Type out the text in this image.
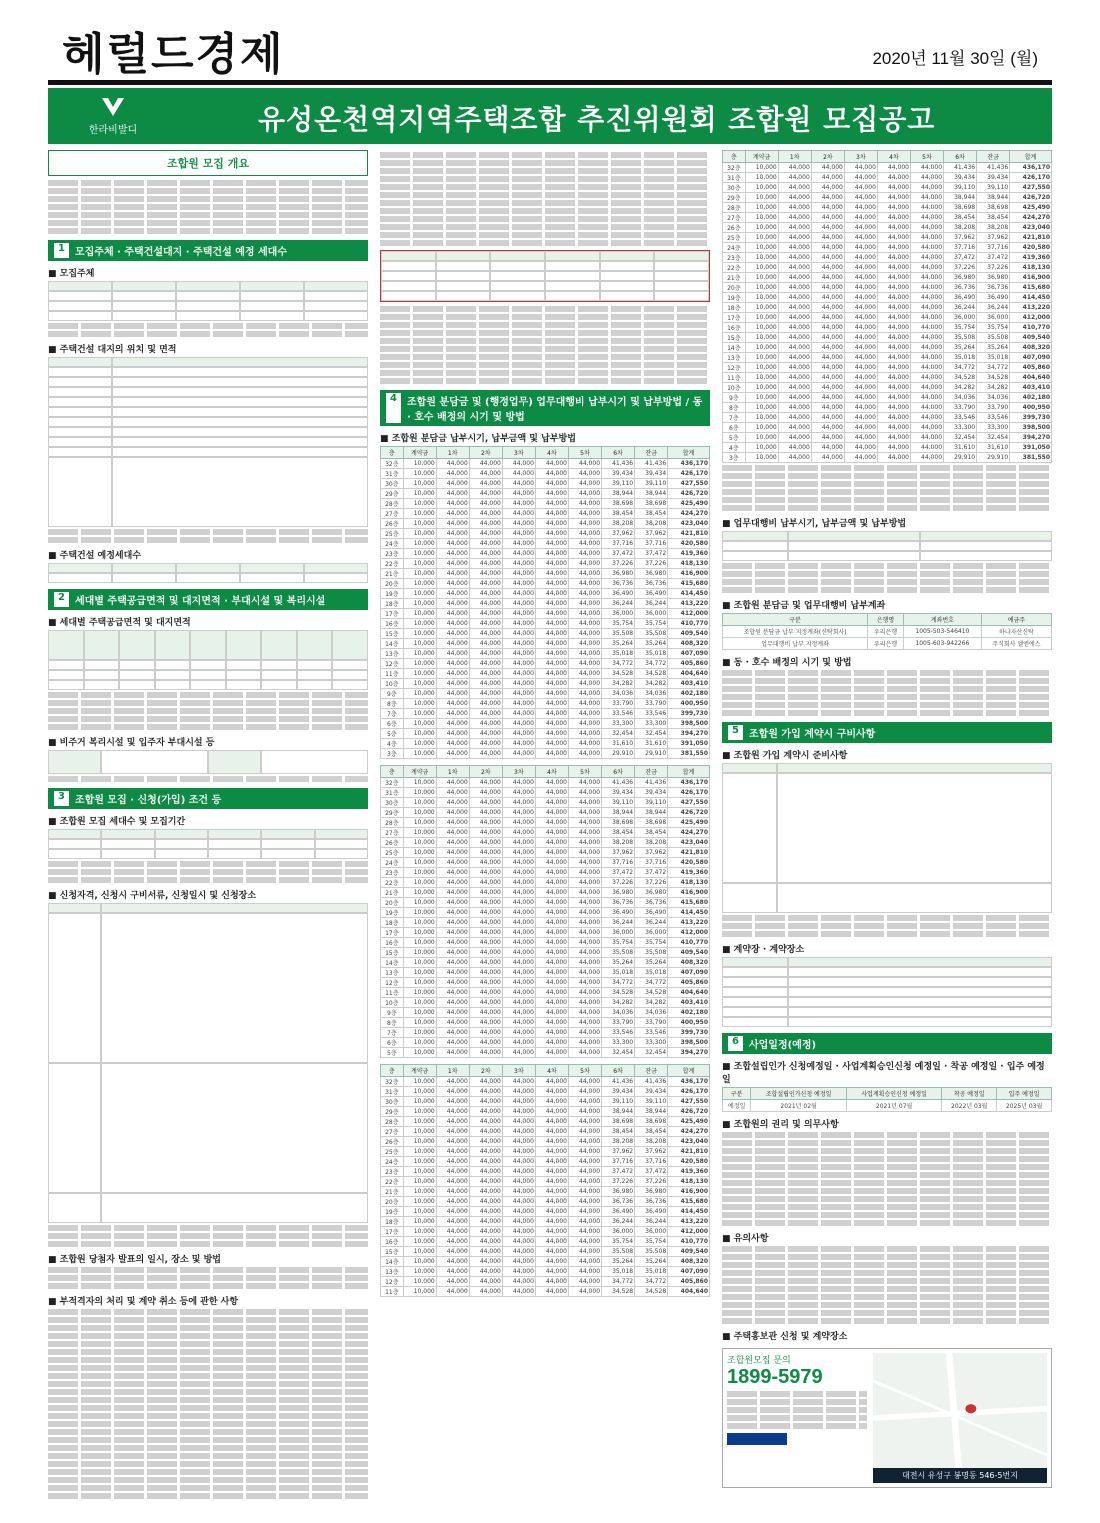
헤럴드경제	2020년 11월 30일 (월)
한라비발디	유성온천역지역주택조합 추진위원회 조합원 모집공고
조합원 모집 개요
1	모집주체 · 주택건설대지 · 주택건설 예정 세대수
■ 모집주체
■ 주택건설 대지의 위치 및 면적
■ 주택건설 예정세대수
2	세대별 주택공급면적 및 대지면적 · 부대시설 및 복리시설
■ 세대별 주택공급면적 및 대지면적
■ 비주거 복리시설 및 입주자 부대시설 등
3	조합원 모집 · 신청(가입) 조건 등
■ 조합원 모집 세대수 및 모집기간
■ 신청자격, 신청시 구비서류, 신청일시 및 신청장소
■ 조합원 당첨자 발표의 일시, 장소 및 방법
■ 부적격자의 처리 및 계약 취소 등에 관한 사항
4	조합원 분담금 및 (행정업무) 업무대행비 납부시기 및 납부방법 / 동 · 호수 배정의 시기 및 방법
■ 조합원 분담금 납부시기, 납부금액 및 납부방법
층	계약금	1차	2차	3차	4차	5차	6차	잔금	합계
32층	10,000	44,000	44,000	44,000	44,000	44,000	41,436	41,436	436,170
31층	10,000	44,000	44,000	44,000	44,000	44,000	39,434	39,434	426,170
30층	10,000	44,000	44,000	44,000	44,000	44,000	39,110	39,110	427,550
29층	10,000	44,000	44,000	44,000	44,000	44,000	38,944	38,944	426,720
28층	10,000	44,000	44,000	44,000	44,000	44,000	38,698	38,698	425,490
27층	10,000	44,000	44,000	44,000	44,000	44,000	38,454	38,454	424,270
26층	10,000	44,000	44,000	44,000	44,000	44,000	38,208	38,208	423,040
25층	10,000	44,000	44,000	44,000	44,000	44,000	37,962	37,962	421,810
24층	10,000	44,000	44,000	44,000	44,000	44,000	37,716	37,716	420,580
23층	10,000	44,000	44,000	44,000	44,000	44,000	37,472	37,472	419,360
22층	10,000	44,000	44,000	44,000	44,000	44,000	37,226	37,226	418,130
21층	10,000	44,000	44,000	44,000	44,000	44,000	36,980	36,980	416,900
20층	10,000	44,000	44,000	44,000	44,000	44,000	36,736	36,736	415,680
19층	10,000	44,000	44,000	44,000	44,000	44,000	36,490	36,490	414,450
18층	10,000	44,000	44,000	44,000	44,000	44,000	36,244	36,244	413,220
17층	10,000	44,000	44,000	44,000	44,000	44,000	36,000	36,000	412,000
16층	10,000	44,000	44,000	44,000	44,000	44,000	35,754	35,754	410,770
15층	10,000	44,000	44,000	44,000	44,000	44,000	35,508	35,508	409,540
14층	10,000	44,000	44,000	44,000	44,000	44,000	35,264	35,264	408,320
13층	10,000	44,000	44,000	44,000	44,000	44,000	35,018	35,018	407,090
12층	10,000	44,000	44,000	44,000	44,000	44,000	34,772	34,772	405,860
11층	10,000	44,000	44,000	44,000	44,000	44,000	34,528	34,528	404,640
10층	10,000	44,000	44,000	44,000	44,000	44,000	34,282	34,282	403,410
9층	10,000	44,000	44,000	44,000	44,000	44,000	34,036	34,036	402,180
8층	10,000	44,000	44,000	44,000	44,000	44,000	33,790	33,790	400,950
7층	10,000	44,000	44,000	44,000	44,000	44,000	33,546	33,546	399,730
6층	10,000	44,000	44,000	44,000	44,000	44,000	33,300	33,300	398,500
5층	10,000	44,000	44,000	44,000	44,000	44,000	32,454	32,454	394,270
4층	10,000	44,000	44,000	44,000	44,000	44,000	31,610	31,610	391,050
3층	10,000	44,000	44,000	44,000	44,000	44,000	29,910	29,910	381,550
층	계약금	1차	2차	3차	4차	5차	6차	잔금	합계
32층	10,000	44,000	44,000	44,000	44,000	44,000	41,436	41,436	436,170
31층	10,000	44,000	44,000	44,000	44,000	44,000	39,434	39,434	426,170
30층	10,000	44,000	44,000	44,000	44,000	44,000	39,110	39,110	427,550
29층	10,000	44,000	44,000	44,000	44,000	44,000	38,944	38,944	426,720
28층	10,000	44,000	44,000	44,000	44,000	44,000	38,698	38,698	425,490
27층	10,000	44,000	44,000	44,000	44,000	44,000	38,454	38,454	424,270
26층	10,000	44,000	44,000	44,000	44,000	44,000	38,208	38,208	423,040
25층	10,000	44,000	44,000	44,000	44,000	44,000	37,962	37,962	421,810
24층	10,000	44,000	44,000	44,000	44,000	44,000	37,716	37,716	420,580
23층	10,000	44,000	44,000	44,000	44,000	44,000	37,472	37,472	419,360
22층	10,000	44,000	44,000	44,000	44,000	44,000	37,226	37,226	418,130
21층	10,000	44,000	44,000	44,000	44,000	44,000	36,980	36,980	416,900
20층	10,000	44,000	44,000	44,000	44,000	44,000	36,736	36,736	415,680
19층	10,000	44,000	44,000	44,000	44,000	44,000	36,490	36,490	414,450
18층	10,000	44,000	44,000	44,000	44,000	44,000	36,244	36,244	413,220
17층	10,000	44,000	44,000	44,000	44,000	44,000	36,000	36,000	412,000
16층	10,000	44,000	44,000	44,000	44,000	44,000	35,754	35,754	410,770
15층	10,000	44,000	44,000	44,000	44,000	44,000	35,508	35,508	409,540
14층	10,000	44,000	44,000	44,000	44,000	44,000	35,264	35,264	408,320
13층	10,000	44,000	44,000	44,000	44,000	44,000	35,018	35,018	407,090
12층	10,000	44,000	44,000	44,000	44,000	44,000	34,772	34,772	405,860
11층	10,000	44,000	44,000	44,000	44,000	44,000	34,528	34,528	404,640
10층	10,000	44,000	44,000	44,000	44,000	44,000	34,282	34,282	403,410
9층	10,000	44,000	44,000	44,000	44,000	44,000	34,036	34,036	402,180
8층	10,000	44,000	44,000	44,000	44,000	44,000	33,790	33,790	400,950
7층	10,000	44,000	44,000	44,000	44,000	44,000	33,546	33,546	399,730
6층	10,000	44,000	44,000	44,000	44,000	44,000	33,300	33,300	398,500
5층	10,000	44,000	44,000	44,000	44,000	44,000	32,454	32,454	394,270
층	계약금	1차	2차	3차	4차	5차	6차	잔금	합계
32층	10,000	44,000	44,000	44,000	44,000	44,000	41,436	41,436	436,170
31층	10,000	44,000	44,000	44,000	44,000	44,000	39,434	39,434	426,170
30층	10,000	44,000	44,000	44,000	44,000	44,000	39,110	39,110	427,550
29층	10,000	44,000	44,000	44,000	44,000	44,000	38,944	38,944	426,720
28층	10,000	44,000	44,000	44,000	44,000	44,000	38,698	38,698	425,490
27층	10,000	44,000	44,000	44,000	44,000	44,000	38,454	38,454	424,270
26층	10,000	44,000	44,000	44,000	44,000	44,000	38,208	38,208	423,040
25층	10,000	44,000	44,000	44,000	44,000	44,000	37,962	37,962	421,810
24층	10,000	44,000	44,000	44,000	44,000	44,000	37,716	37,716	420,580
23층	10,000	44,000	44,000	44,000	44,000	44,000	37,472	37,472	419,360
22층	10,000	44,000	44,000	44,000	44,000	44,000	37,226	37,226	418,130
21층	10,000	44,000	44,000	44,000	44,000	44,000	36,980	36,980	416,900
20층	10,000	44,000	44,000	44,000	44,000	44,000	36,736	36,736	415,680
19층	10,000	44,000	44,000	44,000	44,000	44,000	36,490	36,490	414,450
18층	10,000	44,000	44,000	44,000	44,000	44,000	36,244	36,244	413,220
17층	10,000	44,000	44,000	44,000	44,000	44,000	36,000	36,000	412,000
16층	10,000	44,000	44,000	44,000	44,000	44,000	35,754	35,754	410,770
15층	10,000	44,000	44,000	44,000	44,000	44,000	35,508	35,508	409,540
14층	10,000	44,000	44,000	44,000	44,000	44,000	35,264	35,264	408,320
13층	10,000	44,000	44,000	44,000	44,000	44,000	35,018	35,018	407,090
12층	10,000	44,000	44,000	44,000	44,000	44,000	34,772	34,772	405,860
11층	10,000	44,000	44,000	44,000	44,000	44,000	34,528	34,528	404,640
층	계약금	1차	2차	3차	4차	5차	6차	잔금	합계
32층	10,000	44,000	44,000	44,000	44,000	44,000	41,436	41,436	436,170
31층	10,000	44,000	44,000	44,000	44,000	44,000	39,434	39,434	426,170
30층	10,000	44,000	44,000	44,000	44,000	44,000	39,110	39,110	427,550
29층	10,000	44,000	44,000	44,000	44,000	44,000	38,944	38,944	426,720
28층	10,000	44,000	44,000	44,000	44,000	44,000	38,698	38,698	425,490
27층	10,000	44,000	44,000	44,000	44,000	44,000	38,454	38,454	424,270
26층	10,000	44,000	44,000	44,000	44,000	44,000	38,208	38,208	423,040
25층	10,000	44,000	44,000	44,000	44,000	44,000	37,962	37,962	421,810
24층	10,000	44,000	44,000	44,000	44,000	44,000	37,716	37,716	420,580
23층	10,000	44,000	44,000	44,000	44,000	44,000	37,472	37,472	419,360
22층	10,000	44,000	44,000	44,000	44,000	44,000	37,226	37,226	418,130
21층	10,000	44,000	44,000	44,000	44,000	44,000	36,980	36,980	416,900
20층	10,000	44,000	44,000	44,000	44,000	44,000	36,736	36,736	415,680
19층	10,000	44,000	44,000	44,000	44,000	44,000	36,490	36,490	414,450
18층	10,000	44,000	44,000	44,000	44,000	44,000	36,244	36,244	413,220
17층	10,000	44,000	44,000	44,000	44,000	44,000	36,000	36,000	412,000
16층	10,000	44,000	44,000	44,000	44,000	44,000	35,754	35,754	410,770
15층	10,000	44,000	44,000	44,000	44,000	44,000	35,508	35,508	409,540
14층	10,000	44,000	44,000	44,000	44,000	44,000	35,264	35,264	408,320
13층	10,000	44,000	44,000	44,000	44,000	44,000	35,018	35,018	407,090
12층	10,000	44,000	44,000	44,000	44,000	44,000	34,772	34,772	405,860
11층	10,000	44,000	44,000	44,000	44,000	44,000	34,528	34,528	404,640
10층	10,000	44,000	44,000	44,000	44,000	44,000	34,282	34,282	403,410
9층	10,000	44,000	44,000	44,000	44,000	44,000	34,036	34,036	402,180
8층	10,000	44,000	44,000	44,000	44,000	44,000	33,790	33,790	400,950
7층	10,000	44,000	44,000	44,000	44,000	44,000	33,546	33,546	399,730
6층	10,000	44,000	44,000	44,000	44,000	44,000	33,300	33,300	398,500
5층	10,000	44,000	44,000	44,000	44,000	44,000	32,454	32,454	394,270
4층	10,000	44,000	44,000	44,000	44,000	44,000	31,610	31,610	391,050
3층	10,000	44,000	44,000	44,000	44,000	44,000	29,910	29,910	381,550
■ 업무대행비 납부시기, 납부금액 및 납부방법
■ 조합원 분담금 및 업무대행비 납부계좌
구분	은행명	계좌번호	예금주
조합원 분담금 납부 지정계좌(신탁회사)	우리은행	1005-503-546410	하나자산신탁
업무대행비 납부 지정계좌	우리은행	1005-603-942266	주식회사 엘엔에스
■ 동 · 호수 배정의 시기 및 방법
5	조합원 가입 계약시 구비사항
■ 조합원 가입 계약시 준비사항
■ 계약장 · 계약장소
6	사업일정(예정)
■ 조합설립인가 신청예정일 · 사업계획승인신청 예정일 · 착공 예정일 · 입주 예정일
구분	조합설립인가신청 예정일	사업계획승인신청 예정일	착공 예정일	입주 예정일
예정일	2021년 02월	2021년 07월	2022년 03월	2025년 03월
■ 조합원의 권리 및 의무사항
■ 유의사항
■ 주택홍보관 신청 및 계약장소
조합원모집 문의
1899-5979
대전시 유성구 봉명동 546-5번지
